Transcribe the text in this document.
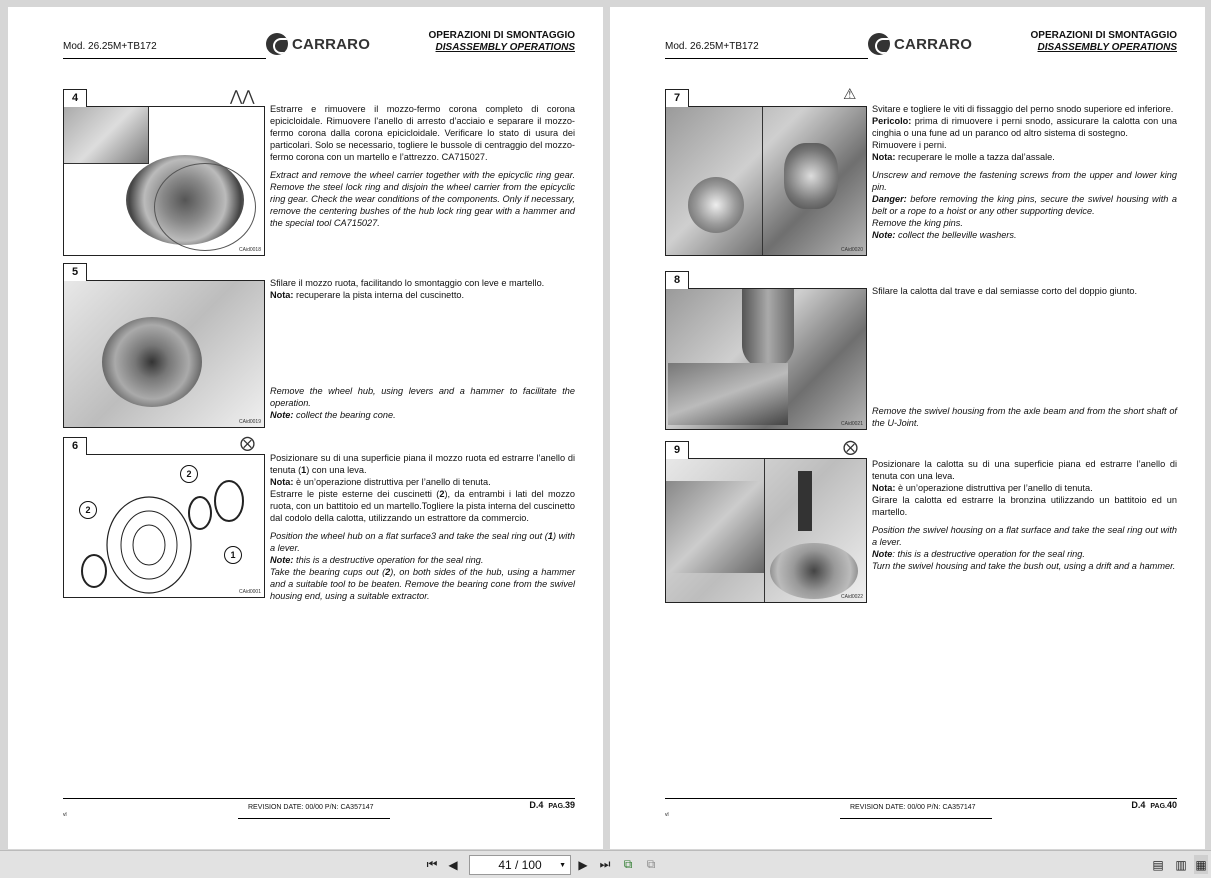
Mod. 26.25M+TB172	CARRARO	OPERAZIONI DI SMONTAGGIO
DISASSEMBLY OPERATIONS
4
CAid0018
⋀⋀

Estrarre e rimuovere il mozzo-fermo corona completo di corona epicicloidale. Rimuovere l’anello di arresto d’acciaio e separare il mozzo-fermo corona dalla corona epicicloidale. Verificare lo stato di usura dei particolari. Solo se necessario, togliere le bussole di centraggio del mozzo-fermo corona con un martello e l’attrezzo. CA715027.

Extract and remove the wheel carrier together with the epicyclic ring gear. Remove the steel lock ring and disjoin the wheel carrier from the epicyclic ring gear. Check the wear conditions of the components. Only if necessary, remove the centering bushes of the hub lock ring gear with a hammer and the special tool CA715027.

5
CAid0019

Sfilare il mozzo ruota, facilitando lo smontaggio con leve e martello.
Nota: recuperare la pista interna del cuscinetto.

Remove the wheel hub, using levers and a hammer to facilitate the operation.
Note: collect the bearing cone.

6
2
2
1
CAid0001
⨂

Posizionare su di una superficie piana il mozzo ruota ed estrarre l’anello di tenuta (1) con una leva.
Nota: è un’operazione distruttiva per l’anello di tenuta.
Estrarre le piste esterne dei cuscinetti (2), da entrambi i lati del mozzo ruota, con un battitoio ed un martello.Togliere la pista interna del cuscinetto dal codolo della calotta, utilizzando un estrattore da commercio.

Position the wheel hub on a flat surface3 and take the seal ring out (1) with a lever.
Note: this is a destructive operation for the seal ring.
Take the bearing cups out (2), on both sides of the hub, using a hammer and a suitable tool to be beaten. Remove the bearing cone from the swivel housing end, using a suitable extractor.

vl
REVISION DATE: 00/00 P/N: CA357147	D.4 PAG.39
Mod. 26.25M+TB172	CARRARO	OPERAZIONI DI SMONTAGGIO
DISASSEMBLY OPERATIONS
7
CAid0020
⚠

Svitare e togliere le viti di fissaggio del perno snodo superiore ed inferiore.
Pericolo: prima di rimuovere i perni snodo, assicurare la calotta con una cinghia o una fune ad un paranco od altro sistema di sostegno.
Rimuovere i perni.
Nota: recuperare le molle a tazza dal’assale.

Unscrew and remove the fastening screws from the upper and lower king pin.
Danger: before removing the king pins, secure the swivel housing with a belt or a rope to a hoist or any other supporting device.
Remove the king pins.
Note: collect the belleville washers.

8
CAid0021

Sfilare la calotta dal trave e dal semiasse corto del doppio giunto.

Remove the swivel housing from the axle beam and from the short shaft of the U-Joint.

9
CAid0022
⨂

Posizionare la calotta su di una superficie piana ed estrarre l’anello di tenuta con una leva.
Nota: è un’operazione distruttiva per l’anello di tenuta.
Girare la calotta ed estrarre la bronzina utilizzando un battitoio ed un martello.

Position the swivel housing on a flat surface and take the seal ring out with a lever.
Note: this is a destructive operation for the seal ring.
Turn the swivel housing and take the bush out, using a drift and a hammer.

vl
REVISION DATE: 00/00 P/N: CA357147	D.4 PAG.40
⏮ ◀	41 / 100 ▼ ▶ ⏭	⧉	⧉	▤ ▥ ▦
